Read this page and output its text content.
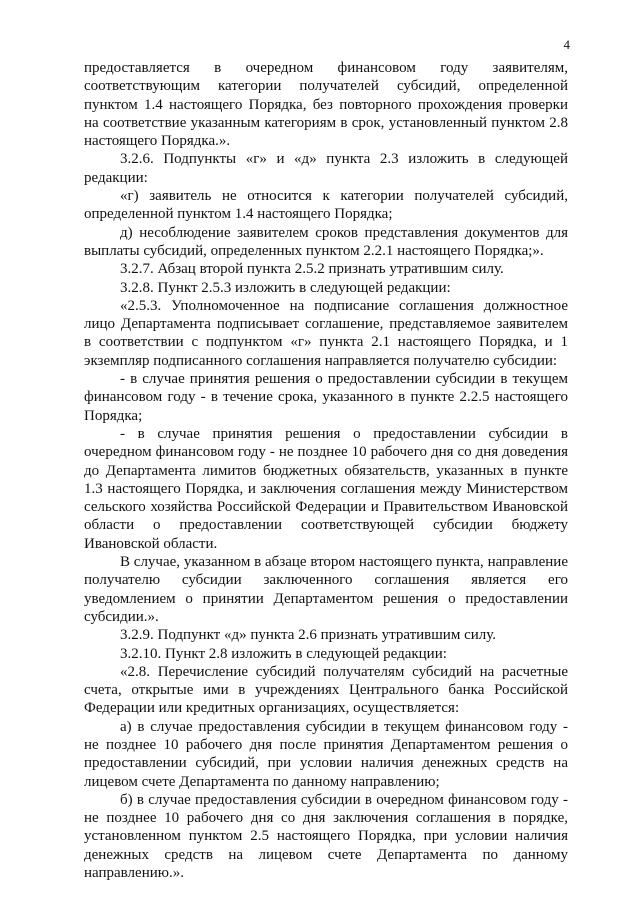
4

предоставляется в очередном финансовом году заявителям, соответствующим категории получателей субсидий, определенной пунктом 1.4 настоящего Порядка, без повторного прохождения проверки на соответствие указанным категориям в срок, установленный пунктом 2.8 настоящего Порядка.».

3.2.6. Подпункты «г» и «д» пункта 2.3 изложить в следующей редакции:

«г) заявитель не относится к категории получателей субсидий, определенной пунктом 1.4 настоящего Порядка;

д) несоблюдение заявителем сроков представления документов для выплаты субсидий, определенных пунктом 2.2.1 настоящего Порядка;».

3.2.7. Абзац второй пункта 2.5.2 признать утратившим силу.

3.2.8. Пункт 2.5.3 изложить в следующей редакции:

«2.5.3. Уполномоченное на подписание соглашения должностное лицо Департамента подписывает соглашение, представляемое заявителем в соответствии с подпунктом «г» пункта 2.1 настоящего Порядка, и 1 экземпляр подписанного соглашения направляется получателю субсидии:

- в случае принятия решения о предоставлении субсидии в текущем финансовом году - в течение срока, указанного в пункте 2.2.5 настоящего Порядка;

- в случае принятия решения о предоставлении субсидии в очередном финансовом году - не позднее 10 рабочего дня со дня доведения до Департамента лимитов бюджетных обязательств, указанных в пункте 1.3 настоящего Порядка, и заключения соглашения между Министерством сельского хозяйства Российской Федерации и Правительством Ивановской области о предоставлении соответствующей субсидии бюджету Ивановской области.

В случае, указанном в абзаце втором настоящего пункта, направление получателю субсидии заключенного соглашения является его уведомлением о принятии Департаментом решения о предоставлении субсидии.».

3.2.9. Подпункт «д» пункта 2.6 признать утратившим силу.

3.2.10. Пункт 2.8 изложить в следующей редакции:

«2.8. Перечисление субсидий получателям субсидий на расчетные счета, открытые ими в учреждениях Центрального банка Российской Федерации или кредитных организациях, осуществляется:

а) в случае предоставления субсидии в текущем финансовом году - не позднее 10 рабочего дня после принятия Департаментом решения о предоставлении субсидий, при условии наличия денежных средств на лицевом счете Департамента по данному направлению;

б) в случае предоставления субсидии в очередном финансовом году - не позднее 10 рабочего дня со дня заключения соглашения в порядке, установленном пунктом 2.5 настоящего Порядка, при условии наличия денежных средств на лицевом счете Департамента по данному направлению.».
